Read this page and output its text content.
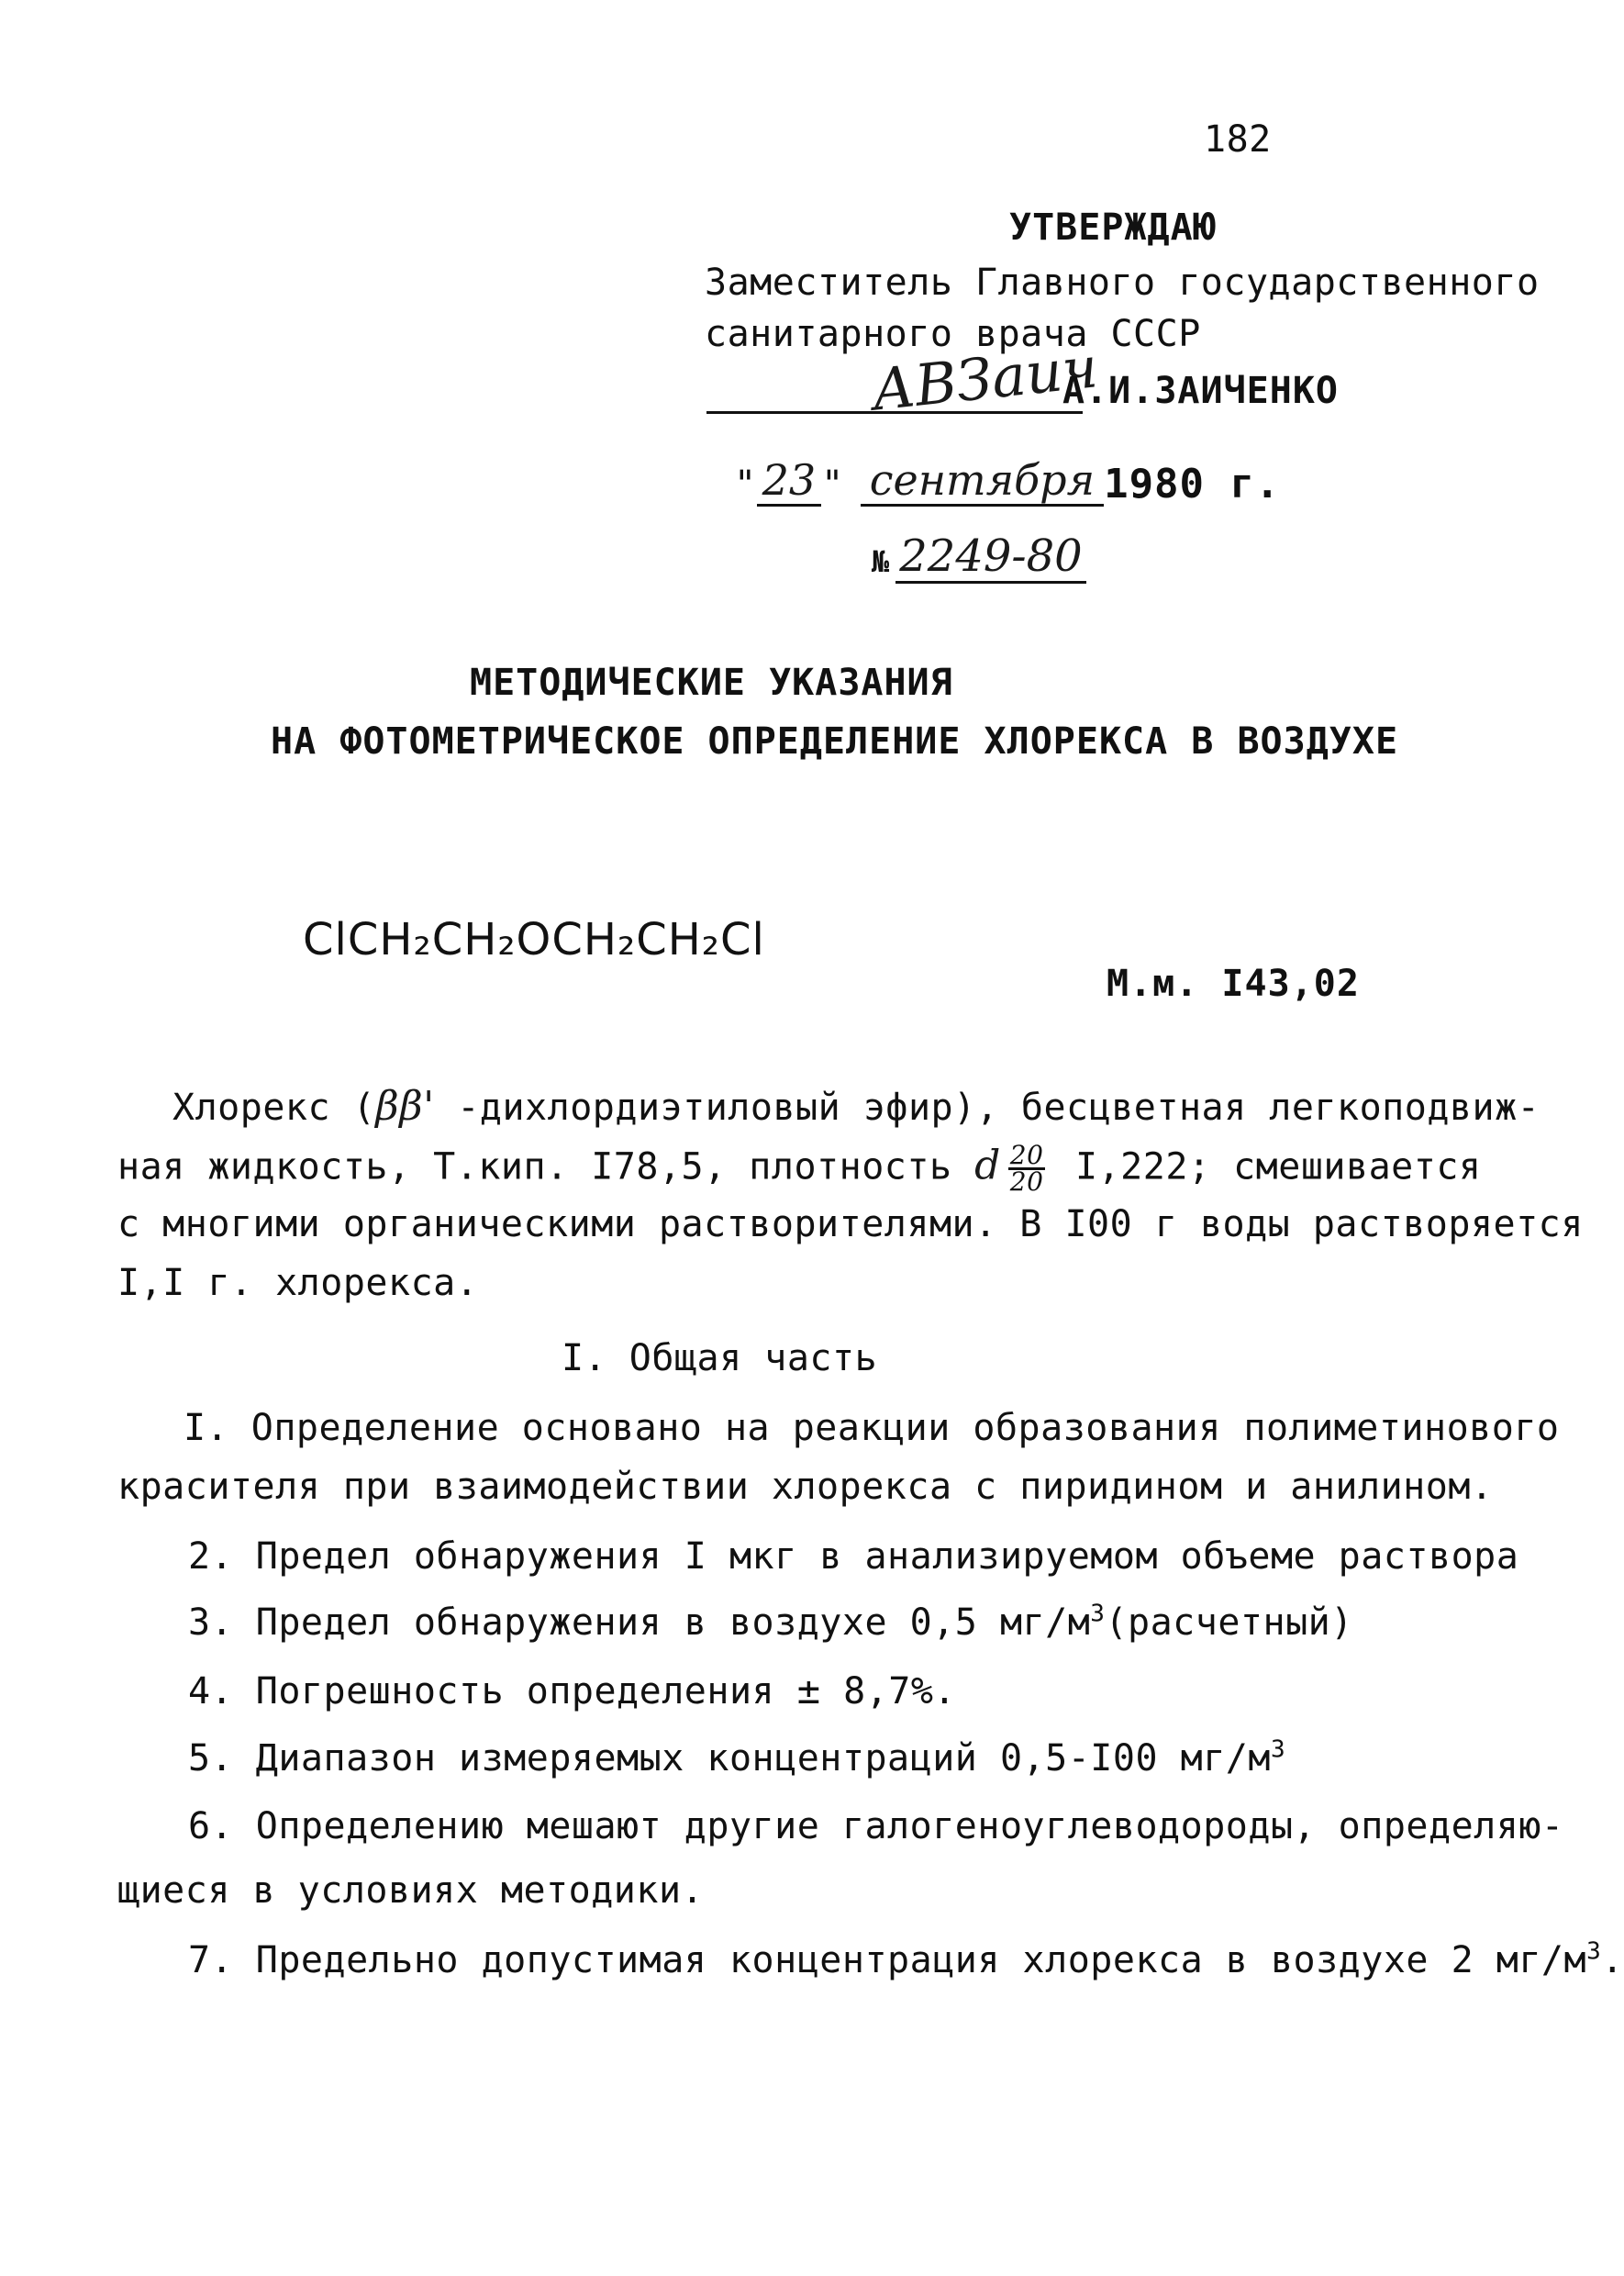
182
УТВЕРЖДАЮ
Заместитель Главного государственного
санитарного врача СССР
АВЗаич
А.И.ЗАИЧЕНКО
" 23 " сентября 1980 г.
№ 2249-80
МЕТОДИЧЕСКИЕ УКАЗАНИЯ
НА ФОТОМЕТРИЧЕСКОЕ ОПРЕДЕЛЕНИЕ ХЛОРЕКСА В ВОЗДУХЕ
ClCH₂CH₂OCH₂CH₂Cl
М.м. I43,02
Хлорекс (ββ' -дихлордиэтиловый эфир), бесцветная легкоподвиж-
ная жидкость, Т.кип. I78,5, плотность d $\frac{20}{20} I,222$; смешивается
с многими органическими растворителями. В I00 г воды растворяется
I,I г. хлорекса.
I. Общая часть
I. Определение основано на реакции образования полиметинового
красителя при взаимодействии хлорекса с пиридином и анилином.
2. Предел обнаружения I мкг в анализируемом объеме раствора
3. Предел обнаружения в воздухе 0,5 $мг/м^3(расчетный)$
4. Погрешность определения ± 8,7%.
5. Диапазон измеряемых концентраций 0,5-I00 $мг/м^3$
6. Определению мешают другие галогеноуглеводороды, определяю-
щиеся в условиях методики.
7. Предельно допустимая концентрация хлорекса в воздухе 2 $мг/м^3$.
